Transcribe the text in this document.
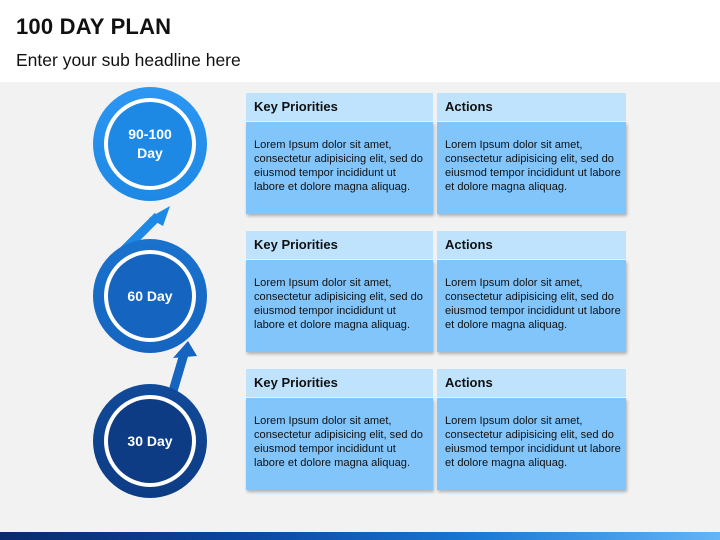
100 DAY PLAN
Enter your sub headline here
90-100
Day
60 Day
30 Day
Key Priorities	Actions
Lorem Ipsum dolor sit amet, consectetur adipisicing elit, sed do eiusmod tempor incididunt ut labore et dolore magna aliquag.
Lorem Ipsum dolor sit amet, consectetur adipisicing elit, sed do eiusmod tempor incididunt ut labore et dolore magna aliquag.
Key Priorities	Actions
Lorem Ipsum dolor sit amet, consectetur adipisicing elit, sed do eiusmod tempor incididunt ut labore et dolore magna aliquag.
Lorem Ipsum dolor sit amet, consectetur adipisicing elit, sed do eiusmod tempor incididunt ut labore et dolore magna aliquag.
Key Priorities	Actions
Lorem Ipsum dolor sit amet, consectetur adipisicing elit, sed do eiusmod tempor incididunt ut labore et dolore magna aliquag.
Lorem Ipsum dolor sit amet, consectetur adipisicing elit, sed do eiusmod tempor incididunt ut labore et dolore magna aliquag.
